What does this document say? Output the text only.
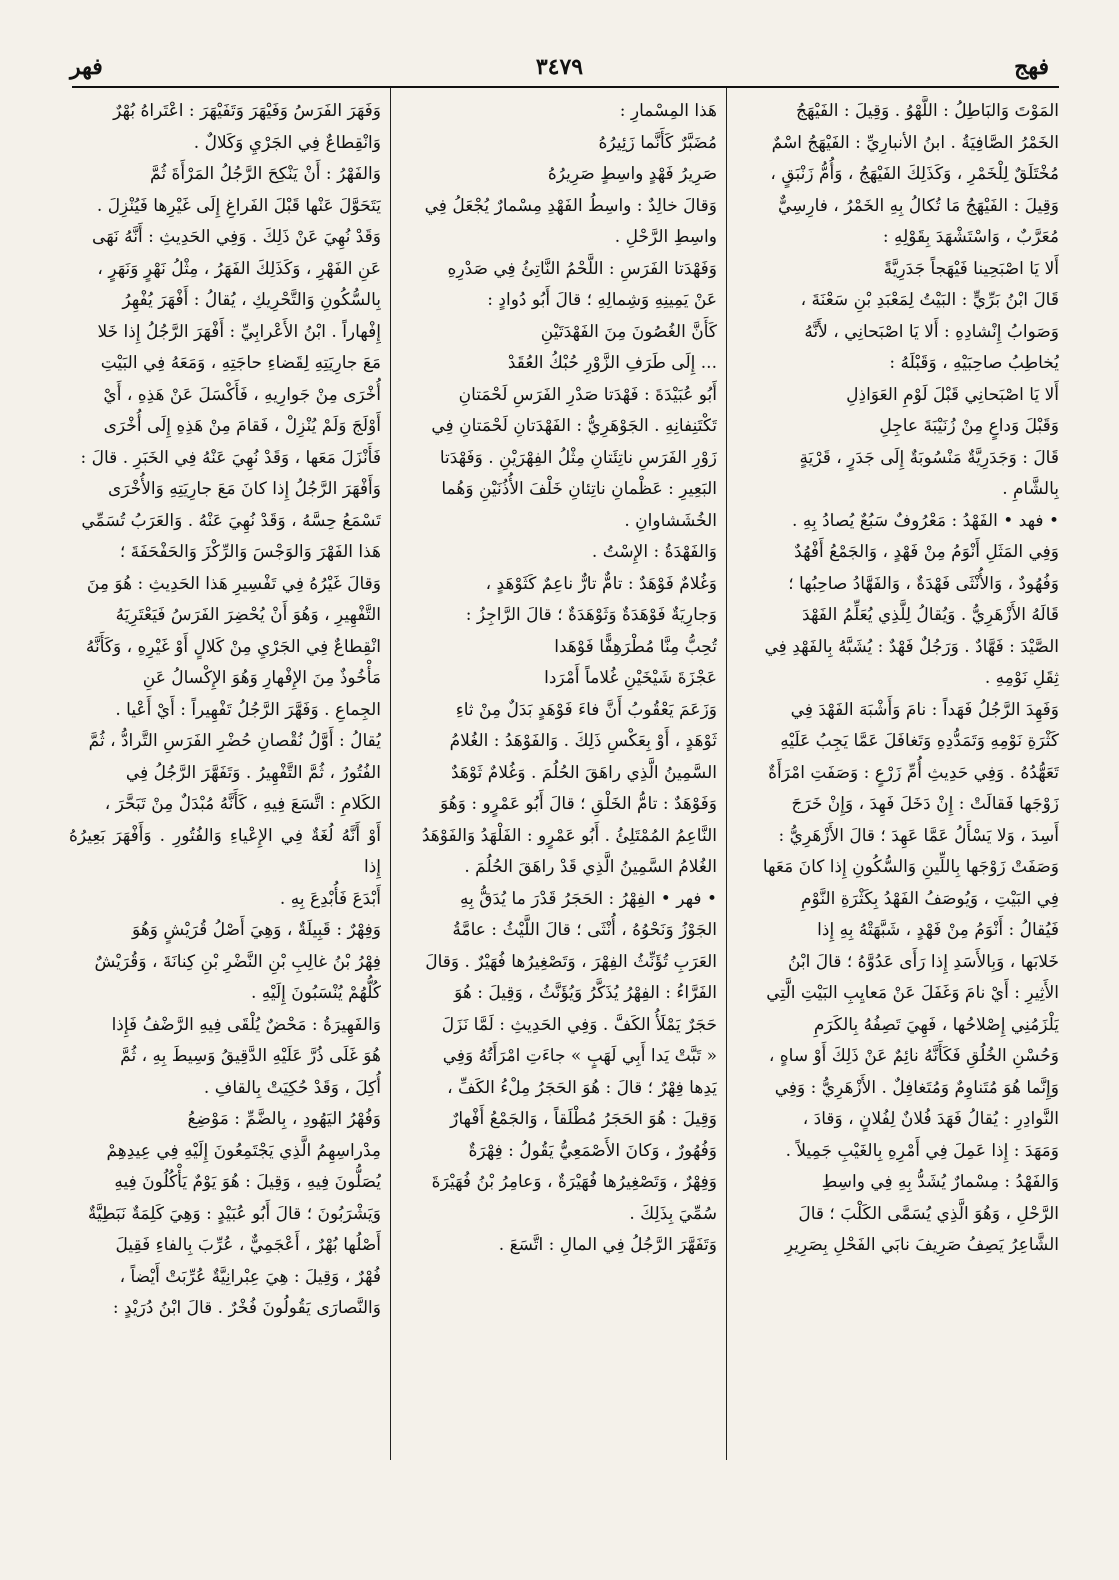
فهج
٣٤٧٩
فهر

المَوْتَ وَالبَاطِلُ : اللَّهْوُ . وَقِيلَ : الفَيْهَجُ

الخَمْرُ الصَّافِيَةُ . ابنُ الأنبارِيِّ : الفَيْهَجُ اسْمٌ

مُخْتَلَقٌ لِلْخَمْرِ ، وَكَذَلِكَ الفَيْهَجُ ، وَأُمُّ زَنْبَقٍ ،

وَقِيلَ : الفَيْهَجُ مَا تُكالُ بِهِ الخَمْرُ ، فارِسِيٌّ

مُعَرَّبٌ ، وَاسْتَشْهَدَ بِقَوْلِهِ :

أَلا يَا اصْبَحِينا فَيْهَجاً جَدَرِيَّةً

قَالَ ابْنُ بَرِّيٍّ : البَيْتُ لِمَعْبَدِ بْنِ سَعْنَةَ ،

وَصَوابُ إِنْشادِهِ : أَلا يَا اصْبَحانِي ، لأَنَّهُ

يُخاطِبُ صاحِبَيْهِ ، وَقَبْلَهُ :

أَلا يَا اصْبَحانِي قَبْلَ لَوْمِ العَوَاذِلِ

وَقَبْلَ وَداعٍ مِنْ زُنَيْبَةَ عاجِلِ

قَالَ : وَجَدَرِيَّةٌ مَنْسُوبَةٌ إِلَى جَدَرٍ ، قَرْيَةٍ

بِالشَّامِ .

• فهد • الفَهْدُ : مَعْرُوفٌ سَبُعٌ يُصادُ بِهِ .

وَفِي المَثَلِ أَنْوَمُ مِنْ فَهْدٍ ، وَالجَمْعُ أَفْهُدٌ

وَفُهُودٌ ، وَالأُنْثَى فَهْدَةٌ ، وَالفَهَّادُ صاحِبُها ؛

قَالَهُ الأَزْهَرِيُّ . وَيُقالُ لِلَّذِي يُعَلِّمُ الفَهْدَ

الصَّيْدَ : فَهَّادٌ . وَرَجُلٌ فَهْدٌ : يُشَبَّهُ بِالفَهْدِ فِي

ثِقَلِ نَوْمِهِ .

وَفَهِدَ الرَّجُلُ فَهَداً : نامَ وَأَشْبَهَ الفَهْدَ فِي

كَثْرَةِ نَوْمِهِ وَتَمَدُّدِهِ وَتَغافَلَ عَمَّا يَجِبُ عَلَيْهِ

تَعَهُّدُهُ . وَفِي حَدِيثِ أُمِّ زَرْعٍ : وَصَفَتِ امْرَأَةٌ

زَوْجَها فَقالَتْ : إِنْ دَخَلَ فَهِدَ ، وَإِنْ خَرَجَ

أَسِدَ ، وَلا يَسْأَلُ عَمَّا عَهِدَ ؛ قالَ الأَزْهَرِيُّ :

وَصَفَتْ زَوْجَها بِاللِّينِ وَالسُّكُونِ إِذا كانَ مَعَها

فِي البَيْتِ ، وَيُوصَفُ الفَهْدُ بِكَثْرَةِ النَّوْمِ

فَيُقالُ : أَنْوَمُ مِنْ فَهْدٍ ، شَبَّهَتْهُ بِهِ إِذا

خَلابَها ، وَبِالأَسَدِ إِذا رَأَى عَدُوَّهُ ؛ قالَ ابْنُ

الأَثِيرِ : أَيْ نامَ وَغَفَلَ عَنْ مَعايِبِ البَيْتِ الَّتِي

يَلْزَمُنِي إِصْلاحُها ، فَهِيَ تَصِفُهُ بِالكَرَمِ

وَحُسْنِ الخُلُقِ فَكَأَنَّهُ نائِمٌ عَنْ ذَلِكَ أَوْ ساهٍ ،

وَإِنَّما هُوَ مُتَناوِمٌ وَمُتَغافِلٌ . الأَزْهَرِيُّ : وَفِي

النَّوادِرِ : يُقالُ فَهَدَ فُلانٌ لِفُلانٍ ، وَقادَ ،

وَمَهَدَ : إِذا عَمِلَ فِي أَمْرِهِ بِالغَيْبِ جَمِيلاً .

وَالفَهْدُ : مِسْمارٌ يُشَدُّ بِهِ فِي واسِطِ

الرَّحْلِ ، وَهُوَ الَّذِي يُسَمَّى الكَلْبَ ؛ قالَ

الشَّاعِرُ يَصِفُ صَرِيفَ نابَي الفَحْلِ بِصَرِيرِ

هَذا المِسْمارِ :

مُضَبَّرٌ كَأَنَّما زَئِيرُهُ

صَرِيرُ فَهْدٍ واسِطٍ صَرِيرُهُ

وَقالَ خالِدٌ : واسِطُ الفَهْدِ مِسْمارٌ يُجْعَلُ فِي

واسِطِ الرَّحْلِ .

وَفَهْدَتا الفَرَسِ : اللَّحْمُ النَّاتِئُ فِي صَدْرِهِ

عَنْ يَمِينِهِ وَشِمالِهِ ؛ قالَ أَبُو دُوادٍ :

كَأَنَّ الغُصُونَ مِنَ الفَهْدَتَيْنِ

... إِلَى طَرَفِ الزَّوْرِ حُبْكُ العُقَدْ

أَبُو عُبَيْدَةَ : فَهْدَتا صَدْرِ الفَرَسِ لَحْمَتانِ

تَكْتَنِفانِهِ . الجَوْهَرِيُّ : الفَهْدَتانِ لَحْمَتانِ فِي

زَوْرِ الفَرَسِ ناتِئَتانِ مِثْلُ الفِهْرَيْنِ . وَفَهْدَتا

البَعِيرِ : عَظْمانِ ناتِئانِ خَلْفَ الأُذُنَيْنِ وَهُما

الخُشَشاوانِ .

وَالفَهْدَةُ : الإِسْتُ .

وَغُلامٌ فَوْهَدٌ : تامٌّ تارٌّ ناعِمٌ كَثَوْهَدٍ ،

وَجارِيَةٌ فَوْهَدَةٌ وَثَوْهَدَةٌ ؛ قالَ الرَّاجِزُ :

تُحِبُّ مِنَّا مُطْرَهِفًّا فَوْهَدا

عَجْزَةَ شَيْخَيْنِ غُلاماً أَمْرَدا

وَزَعَمَ يَعْقُوبُ أَنَّ فاءَ فَوْهَدٍ بَدَلٌ مِنْ ثاءِ

ثَوْهَدٍ ، أَوْ بِعَكْسِ ذَلِكَ . وَالفَوْهَدُ : الغُلامُ

السَّمِينُ الَّذِي راهَقَ الحُلُمَ . وَغُلامٌ ثَوْهَدٌ

وَفَوْهَدٌ : تامُّ الخَلْقِ ؛ قالَ أَبُو عَمْرٍو : وَهُوَ

النَّاعِمُ المُمْتَلِئُ . أَبُو عَمْرٍو : الفَلْهَدُ وَالفَوْهَدُ

الغُلامُ السَّمِينُ الَّذِي قَدْ راهَقَ الحُلُمَ .

• فهر • الفِهْرُ : الحَجَرُ قَدْرَ ما يُدَقُّ بِهِ

الجَوْزُ وَنَحْوُهُ ، أُنْثَى ؛ قالَ اللَّيْثُ : عامَّةُ

العَرَبِ تُؤَنِّثُ الفِهْرَ ، وَتَصْغِيرُها فُهَيْرٌ . وَقالَ

الفَرَّاءُ : الفِهْرُ يُذَكَّرُ وَيُؤَنَّثُ ، وَقِيلَ : هُوَ

حَجَرٌ يَمْلَأُ الكَفَّ . وَفِي الحَدِيثِ : لَمَّا نَزَلَ

« تَبَّتْ يَدا أَبِي لَهَبٍ » جاءَتِ امْرَأَتُهُ وَفِي

يَدِها فِهْرٌ ؛ قالَ : هُوَ الحَجَرُ مِلْءُ الكَفِّ ،

وَقِيلَ : هُوَ الحَجَرُ مُطْلَقاً ، وَالجَمْعُ أَفْهارٌ

وَفُهُورٌ ، وَكانَ الأَصْمَعِيُّ يَقُولُ : فِهْرَةٌ

وَفِهْرٌ ، وَتَصْغِيرُها فُهَيْرَةٌ ، وَعامِرُ بْنُ فُهَيْرَةَ

سُمِّيَ بِذَلِكَ .

وَتَفَهَّرَ الرَّجُلُ فِي المالِ : اتَّسَعَ .

وَفَهَرَ الفَرَسُ وَفَيْهَرَ وَتَفَيْهَرَ : اعْتَراهُ بُهْرٌ

وَانْقِطاعٌ فِي الجَرْيِ وَكَلالٌ .

وَالفَهْرُ : أَنْ يَنْكِحَ الرَّجُلُ المَرْأَةَ ثُمَّ

يَتَحَوَّلَ عَنْها قَبْلَ الفَراغِ إِلَى غَيْرِها فَيُنْزِلَ .

وَقَدْ نُهِيَ عَنْ ذَلِكَ . وَفِي الحَدِيثِ : أَنَّهُ نَهَى

عَنِ الفَهْرِ ، وَكَذَلِكَ الفَهَرُ ، مِثْلُ نَهْرٍ وَنَهَرٍ ،

بِالسُّكُونِ وَالتَّحْرِيكِ ، يُقالُ : أَفْهَرَ يُفْهِرُ

إِفْهاراً . ابْنُ الأَعْرابِيِّ : أَفْهَرَ الرَّجُلُ إِذا خَلا

مَعَ جارِيَتِهِ لِقَضاءِ حاجَتِهِ ، وَمَعَهُ فِي البَيْتِ

أُخْرَى مِنْ جَوارِيهِ ، فَأَكْسَلَ عَنْ هَذِهِ ، أَيْ

أَوْلَجَ وَلَمْ يُنْزِلْ ، فَقامَ مِنْ هَذِهِ إِلَى أُخْرَى

فَأَنْزَلَ مَعَها ، وَقَدْ نُهِيَ عَنْهُ فِي الخَبَرِ . قالَ :

وَأَفْهَرَ الرَّجُلُ إِذا كانَ مَعَ جارِيَتِهِ وَالأُخْرَى

تَسْمَعُ حِسَّهُ ، وَقَدْ نُهِيَ عَنْهُ . وَالعَرَبُ تُسَمِّي

هَذا الفَهْرَ وَالوَجْسَ وَالرِّكْزَ وَالحَفْحَفَةَ ؛

وَقالَ غَيْرُهُ فِي تَفْسِيرِ هَذا الحَدِيثِ : هُوَ مِنَ

التَّفْهِيرِ ، وَهُوَ أَنْ يُحْضِرَ الفَرَسُ فَيَعْتَرِيَهُ

انْقِطاعٌ فِي الجَرْيِ مِنْ كَلالٍ أَوْ غَيْرِهِ ، وَكَأَنَّهُ

مَأْخُوذٌ مِنَ الإِفْهارِ وَهُوَ الإِكْسالُ عَنِ

الجِماعِ . وَفَهَّرَ الرَّجُلُ تَفْهِيراً : أَيْ أَعْيا .

يُقالُ : أَوَّلُ نُقْصانِ حُضْرِ الفَرَسِ التَّرادُّ ، ثُمَّ

الفُتُورُ ، ثُمَّ التَّفْهِيرُ . وَتَفَهَّرَ الرَّجُلُ فِي

الكَلامِ : اتَّسَعَ فِيهِ ، كَأَنَّهُ مُبْدَلٌ مِنْ تَبَحَّرَ ،

أَوْ أَنَّهُ لُغَةٌ فِي الإِعْياءِ وَالفُتُورِ . وَأَفْهَرَ بَعِيرُهُ إِذا

أَبْدَعَ فَأُبْدِعَ بِهِ .

وَفِهْرٌ : قَبِيلَةٌ ، وَهِيَ أَصْلُ قُرَيْشٍ وَهُوَ

فِهْرُ بْنُ غالِبِ بْنِ النَّضْرِ بْنِ كِنانَةَ ، وَقُرَيْشٌ

كُلُّهُمْ يُنْسَبُونَ إِلَيْهِ .

وَالفَهِيرَةُ : مَحْضٌ يُلْقَى فِيهِ الرَّضْفُ فَإِذا

هُوَ غَلَى ذُرَّ عَلَيْهِ الدَّقِيقُ وَسِيطَ بِهِ ، ثُمَّ

أُكِلَ ، وَقَدْ حُكِيَتْ بِالقافِ .

وَفُهْرُ اليَهُودِ ، بِالضَّمِّ : مَوْضِعُ

مِدْراسِهِمُ الَّذِي يَجْتَمِعُونَ إِلَيْهِ فِي عِيدِهِمْ

يُصَلُّونَ فِيهِ ، وَقِيلَ : هُوَ يَوْمٌ يَأْكُلُونَ فِيهِ

وَيَشْرَبُونَ ؛ قالَ أَبُو عُبَيْدٍ : وَهِيَ كَلِمَةٌ نَبَطِيَّةٌ

أَصْلُها بُهْرٌ ، أَعْجَمِيٌّ ، عُرِّبَ بِالفاءِ فَقِيلَ

فُهْرٌ ، وَقِيلَ : هِيَ عِبْرانِيَّةٌ عُرِّبَتْ أَيْضاً ،

وَالنَّصارَى يَقُولُونَ فُخْرٌ . قالَ ابْنُ دُرَيْدٍ :
